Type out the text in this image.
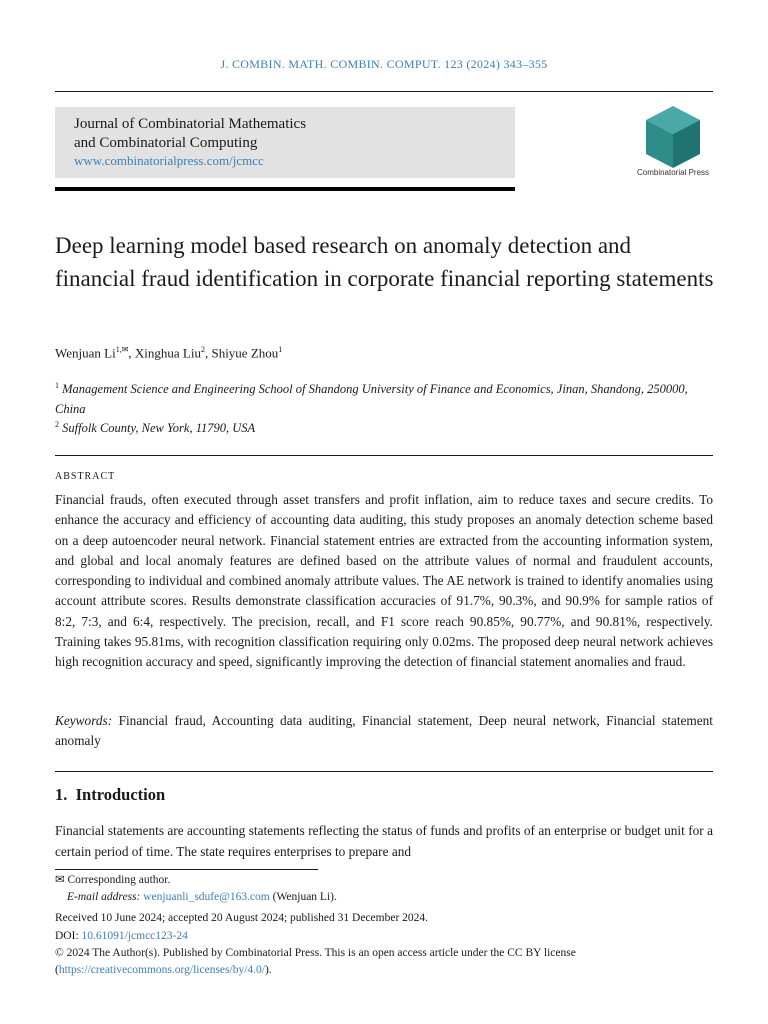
J. COMBIN. MATH. COMBIN. COMPUT. 123 (2024) 343–355
Journal of Combinatorial Mathematics
and Combinatorial Computing
www.combinatorialpress.com/jcmcc
Combinatorial Press
Deep learning model based research on anomaly detection and financial fraud identification in corporate financial reporting statements
Wenjuan $Li^{1,✉}$, Xinghua Liu$^2$, Shiyue Zhou$^1$
$^1$ Management Science and Engineering School of Shandong University of Finance and Economics, Jinan, Shandong, 250000, China
$^2$ Suffolk County, New York, 11790, USA
ABSTRACT
Financial frauds, often executed through asset transfers and profit inflation, aim to reduce taxes and secure credits. To enhance the accuracy and efficiency of accounting data auditing, this study proposes an anomaly detection scheme based on a deep autoencoder neural network. Financial statement entries are extracted from the accounting information system, and global and local anomaly features are defined based on the attribute values of normal and fraudulent accounts, corresponding to individual and combined anomaly attribute values. The AE network is trained to identify anomalies using account attribute scores. Results demonstrate classification accuracies of 91.7%, 90.3%, and 90.9% for sample ratios of 8:2, 7:3, and 6:4, respectively. The precision, recall, and F1 score reach 90.85%, 90.77%, and 90.81%, respectively. Training takes 95.81ms, with recognition classification requiring only 0.02ms. The proposed deep neural network achieves high recognition accuracy and speed, significantly improving the detection of financial statement anomalies and fraud.
Keywords: Financial fraud, Accounting data auditing, Financial statement, Deep neural network, Financial statement anomaly
1. Introduction
Financial statements are accounting statements reflecting the status of funds and profits of an enterprise or budget unit for a certain period of time. The state requires enterprises to prepare and
✉ Corresponding author.
E-mail address: wenjuanli_sdufe@163.com (Wenjuan Li).
Received 10 June 2024; accepted 20 August 2024; published 31 December 2024.
DOI: 10.61091/jcmcc123-24
© 2024 The Author(s). Published by Combinatorial Press. This is an open access article under the CC BY license
(https://creativecommons.org/licenses/by/4.0/).
